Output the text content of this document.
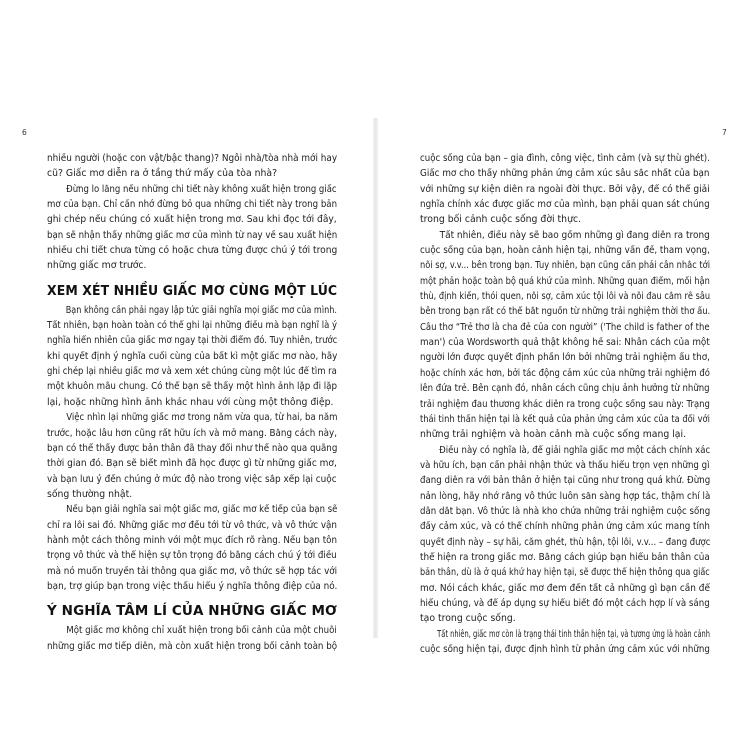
6	7
nhiều người (hoặc con vật/bậc thang)? Ngôi nhà/tòa nhà mới hay
cũ? Giấc mơ diễn ra ở tầng thứ mấy của tòa nhà?
Đừng lo lắng nếu những chi tiết này không xuất hiện trong giấc
mơ của bạn. Chỉ cần nhớ đừng bỏ qua những chi tiết này trong bản
ghi chép nếu chúng có xuất hiện trong mơ. Sau khi đọc tới đây,
bạn sẽ nhận thấy những giấc mơ của mình từ nay về sau xuất hiện
nhiều chi tiết chưa từng có hoặc chưa từng được chú ý tới trong
những giấc mơ trước.
XEM XÉT NHIỀU GIẤC MƠ CÙNG MỘT LÚC
Bạn không cần phải ngay lập tức giải nghĩa mọi giấc mơ của mình.
Tất nhiên, bạn hoàn toàn có thể ghi lại những điều mà bạn nghĩ là ý
nghĩa hiển nhiên của giấc mơ ngay tại thời điểm đó. Tuy nhiên, trước
khi quyết định ý nghĩa cuối cùng của bất kì một giấc mơ nào, hãy
ghi chép lại nhiều giấc mơ và xem xét chúng cùng một lúc để tìm ra
một khuôn mẫu chung. Có thể bạn sẽ thấy một hình ảnh lặp đi lặp
lại, hoặc những hình ảnh khác nhau với cùng một thông điệp.
Việc nhìn lại những giấc mơ trong năm vừa qua, từ hai, ba năm
trước, hoặc lâu hơn cũng rất hữu ích và mở mang. Bằng cách này,
bạn có thể thấy được bản thân đã thay đổi như thế nào qua quãng
thời gian đó. Bạn sẽ biết mình đã học được gì từ những giấc mơ,
và bạn lưu ý đến chúng ở mức độ nào trong việc sắp xếp lại cuộc
sống thường nhật.
Nếu bạn giải nghĩa sai một giấc mơ, giấc mơ kế tiếp của bạn sẽ
chỉ ra lỗi sai đó. Những giấc mơ đều tới từ vô thức, và vô thức vận
hành một cách thông minh với một mục đích rõ ràng. Nếu bạn tôn
trọng vô thức và thể hiện sự tôn trọng đó bằng cách chú ý tới điều
mà nó muốn truyền tải thông qua giấc mơ, vô thức sẽ hợp tác với
bạn, trợ giúp bạn trong việc thấu hiểu ý nghĩa thông điệp của nó.
Ý NGHĨA TÂM LÍ CỦA NHỮNG GIẤC MƠ
Một giấc mơ không chỉ xuất hiện trong bối cảnh của một chuỗi
những giấc mơ tiếp diễn, mà còn xuất hiện trong bối cảnh toàn bộ
cuộc sống của bạn – gia đình, công việc, tình cảm (và sự thù ghét).
Giấc mơ cho thấy những phản ứng cảm xúc sâu sắc nhất của bạn
với những sự kiện diễn ra ngoài đời thực. Bởi vậy, để có thể giải
nghĩa chính xác được giấc mơ của mình, bạn phải quan sát chúng
trong bối cảnh cuộc sống đời thực.
Tất nhiên, điều này sẽ bao gồm những gì đang diễn ra trong
cuộc sống của bạn, hoàn cảnh hiện tại, những vấn đề, tham vọng,
nỗi sợ, v.v... bên trong bạn. Tuy nhiên, bạn cũng cần phải cân nhắc tới
một phản hoặc toàn bộ quá khứ của mình. Những quan điểm, mối hận
thù, định kiến, thói quen, nỗi sợ, cảm xúc tội lỗi và nỗi đau cắm rễ sâu
bên trong bạn rất có thể bắt nguồn từ những trải nghiệm thời thơ ấu.
Câu thơ “Trẻ thơ là cha đẻ của con người” ('The child is father of the
man') của Wordsworth quả thật không hề sai: Nhân cách của một
người lớn được quyết định phần lớn bởi những trải nghiệm ấu thơ,
hoặc chính xác hơn, bởi tác động cảm xúc của những trải nghiệm đó
lên đứa trẻ. Bên cạnh đó, nhân cách cũng chịu ảnh hưởng từ những
trải nghiệm đau thương khác diễn ra trong cuộc sống sau này: Trạng
thái tinh thần hiện tại là kết quả của phản ứng cảm xúc của ta đối với
những trải nghiệm và hoàn cảnh mà cuộc sống mang lại.
Điều này có nghĩa là, để giải nghĩa giấc mơ một cách chính xác
và hữu ích, bạn cần phải nhận thức và thấu hiểu trọn vẹn những gì
đang diễn ra với bản thân ở hiện tại cũng như trong quá khứ. Đừng
nản lòng, hãy nhớ rằng vô thức luôn sẵn sàng hợp tác, thậm chí là
dẫn dắt bạn. Vô thức là nhà kho chứa những trải nghiệm cuộc sống
đầy cảm xúc, và có thể chính những phản ứng cảm xúc mang tính
quyết định này – sự hãi, căm ghét, thù hận, tội lỗi, v.v... – đang được
thể hiện ra trong giấc mơ. Bằng cách giúp bạn hiểu bản thân của
bản thân, dù là ở quá khứ hay hiện tại, sẽ được thể hiện thông qua giấc
mơ. Nói cách khác, giấc mơ đem đến tất cả những gì bạn cần để
hiểu chúng, và để áp dụng sự hiểu biết đó một cách hợp lí và sáng
tạo trong cuộc sống.
Tất nhiên, giấc mơ còn là trạng thái tinh thần hiện tại, và tương ứng là hoàn cảnh
cuộc sống hiện tại, được định hình từ phản ứng cảm xúc với những
